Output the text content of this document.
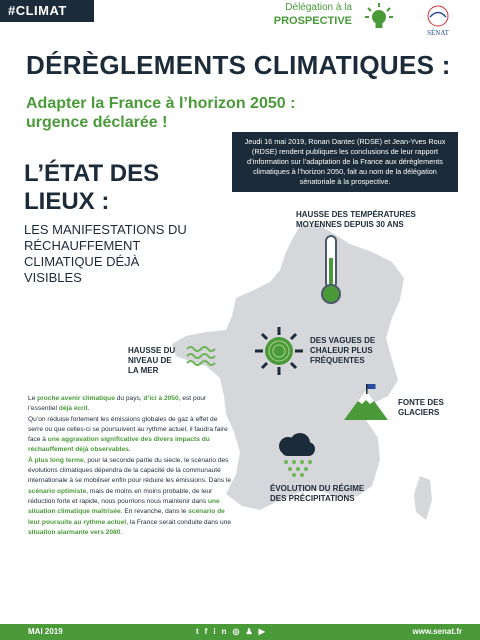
#CLIMAT	Délégation à la
PROSPECTIVE
SÉNAT
DÉRÈGLEMENTS CLIMATIQUES :
Adapter la France à l’horizon 2050 : urgence déclarée !
Jeudi 16 mai 2019, Ronan Dantec (RDSE) et Jean-Yves Roux (RDSE) rendent publiques les conclusions de leur rapport d’information sur l’adaptation de la France aux dérèglements climatiques à l’horizon 2050, fait au nom de la délégation sénatoriale à la prospective.
L’ÉTAT DES LIEUX :
LES MANIFESTATIONS DU RÉCHAUFFEMENT CLIMATIQUE DÉJÀ VISIBLES
HAUSSE DES TEMPÉRATURES MOYENNES DEPUIS 30 ANS
DES VAGUES DE CHALEUR PLUS FRÉQUENTES
HAUSSE DU NIVEAU DE LA MER
FONTE DES GLACIERS
ÉVOLUTION DU RÉGIME DES PRÉCIPITATIONS

Le proche avenir climatique du pays, d’ici à 2050, est pour l’essentiel déjà écrit.

Qu’on réduise fortement les émissions globales de gaz à effet de serre ou que celles-ci se poursuivent au rythme actuel, il faudra faire face à une aggravation significative des divers impacts du réchauffement déjà observables.

À plus long terme, pour la seconde partie du siècle, le scénario des évolutions climatiques dépendra de la capacité de la communauté internationale à se mobiliser enfin pour réduire les émissions. Dans le scénario optimiste, mais de moins en moins probable, de leur réduction forte et rapide, nous pourrions nous maintenir dans une situation climatique maîtrisée. En revanche, dans le scénario de leur poursuite au rythme actuel, la France serait conduite dans une situation alarmante vers 2080.

MAI 2019	tfin◎♟▶	www.senat.fr
